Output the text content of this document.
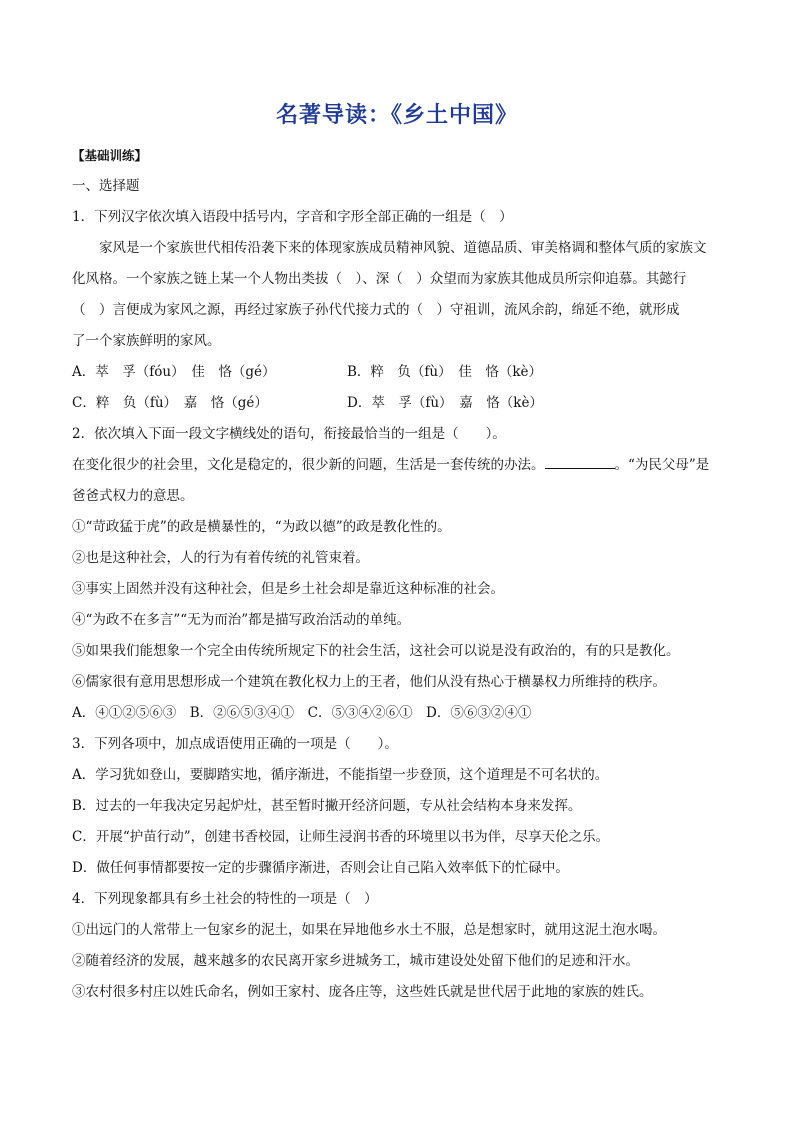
名著导读：《乡土中国》

【基础训练】

一、选择题

1．下列汉字依次填入语段中括号内，字音和字形全部正确的一组是（　）

家风是一个家族世代相传沿袭下来的体现家族成员精神风貌、道德品质、审美格调和整体气质的家族文

化风格。一个家族之链上某一个人物出类拔（　）、深（　）众望而为家族其他成员所宗仰追慕。其懿行

（　）言便成为家风之源，再经过家族子孙代代接力式的（　）守祖训，流风余韵，绵延不绝，就形成

了一个家族鲜明的家风。

A．萃　孚（fóu）　佳　恪（gé）	B．粹　负（fù）　佳　恪（kè）
C．粹　负（fù）　嘉　恪（gé）	D．萃　孚（fù）　嘉　恪（kè）

2．依次填入下面一段文字横线处的语句，衔接最恰当的一组是（　　）。

在变化很少的社会里，文化是稳定的，很少新的问题，生活是一套传统的办法。	。“为民父母”是

爸爸式权力的意思。

①“苛政猛于虎”的政是横暴性的，“为政以德”的政是教化性的。

②也是这种社会，人的行为有着传统的礼管束着。

③事实上固然并没有这种社会，但是乡土社会却是靠近这种标准的社会。

④“为政不在多言”“无为而治”都是描写政治活动的单纯。

⑤如果我们能想象一个完全由传统所规定下的社会生活，这社会可以说是没有政治的，有的只是教化。

⑥儒家很有意用思想形成一个建筑在教化权力上的王者，他们从没有热心于横暴权力所维持的秩序。

A．④①②⑤⑥③　B．②⑥⑤③④①　C．⑤③④②⑥①　D．⑤⑥③②④①

3．下列各项中，加点成语使用正确的一项是（　　）。

A．学习犹如登山，要脚踏实地，循序渐进，不能指望一步登顶，这个道理是不可名状的。

B．过去的一年我决定另起炉灶，甚至暂时撇开经济问题，专从社会结构本身来发挥。

C．开展“护苗行动”，创建书香校园，让师生浸润书香的环境里以书为伴，尽享天伦之乐。

D．做任何事情都要按一定的步骤循序渐进，否则会让自己陷入效率低下的忙碌中。

4．下列现象都具有乡土社会的特性的一项是（　）

①出远门的人常带上一包家乡的泥土，如果在异地他乡水土不服，总是想家时，就用这泥土泡水喝。

②随着经济的发展，越来越多的农民离开家乡进城务工，城市建设处处留下他们的足迹和汗水。

③农村很多村庄以姓氏命名，例如王家村、庞各庄等，这些姓氏就是世代居于此地的家族的姓氏。
